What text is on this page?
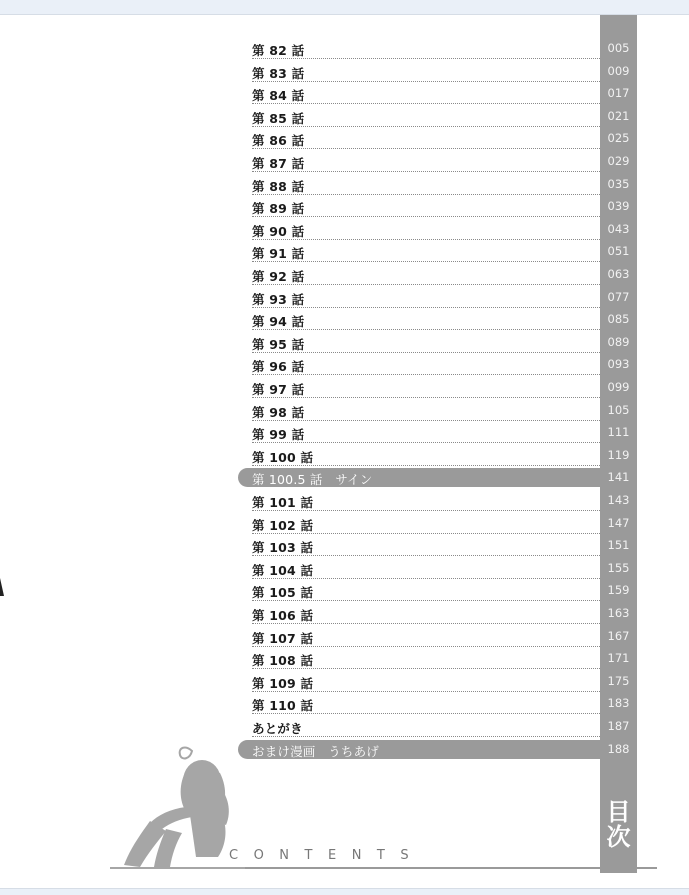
第 82 話	005
第 83 話	009
第 84 話	017
第 85 話	021
第 86 話	025
第 87 話	029
第 88 話	035
第 89 話	039
第 90 話	043
第 91 話	051
第 92 話	063
第 93 話	077
第 94 話	085
第 95 話	089
第 96 話	093
第 97 話	099
第 98 話	105
第 99 話	111
第 100 話	119
第 100.5 話　サイン	141
第 101 話	143
第 102 話	147
第 103 話	151
第 104 話	155
第 105 話	159
第 106 話	163
第 107 話	167
第 108 話	171
第 109 話	175
第 110 話	183
あとがき	187
おまけ漫画　うちあげ	188
目
次
CONTENTS
